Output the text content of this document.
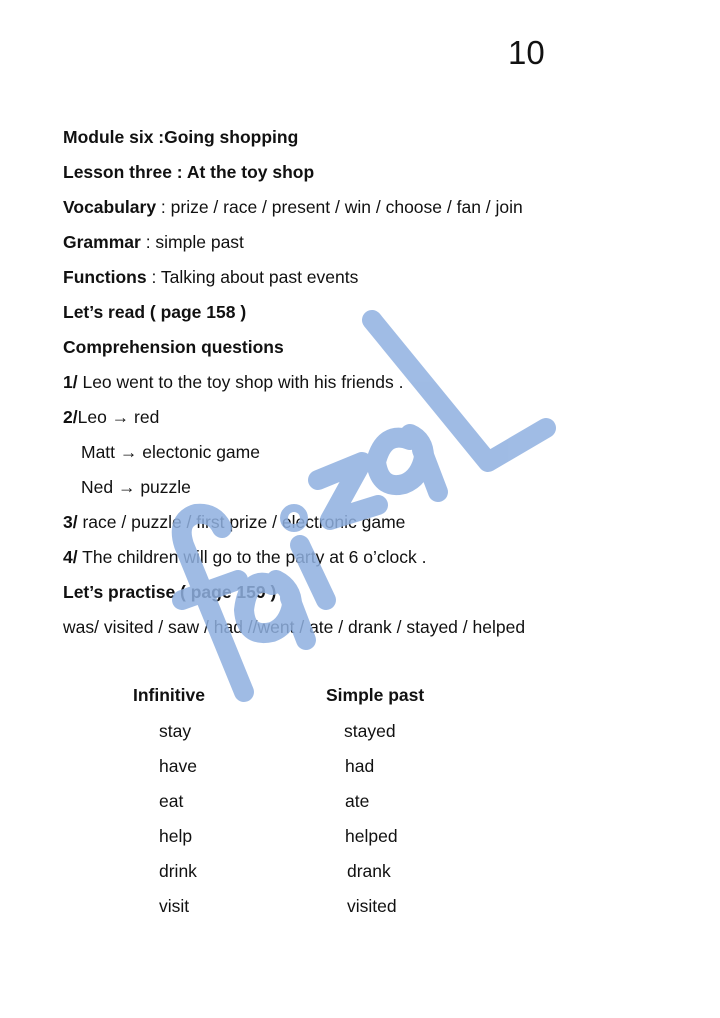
10
Module six :Going shopping
Lesson three : At the toy shop
Vocabulary : prize / race / present / win / choose / fan / join
Grammar : simple past
Functions : Talking about past events
Let’s read ( page 158 )
Comprehension questions
1/ Leo went to the toy shop with his friends .
2/Leo → red
Matt → electonic game
Ned → puzzle
3/ race / puzzle / first prize / electronic game
4/ The children will go to the party at 6 o’clock .
Let’s practise ( page 159 )
was/ visited / saw / had //went / ate / drank / stayed / helped
Infinitive	Simple past
stay	stayed
have	had
eat	ate
help	helped
drink	drank
visit	visited
